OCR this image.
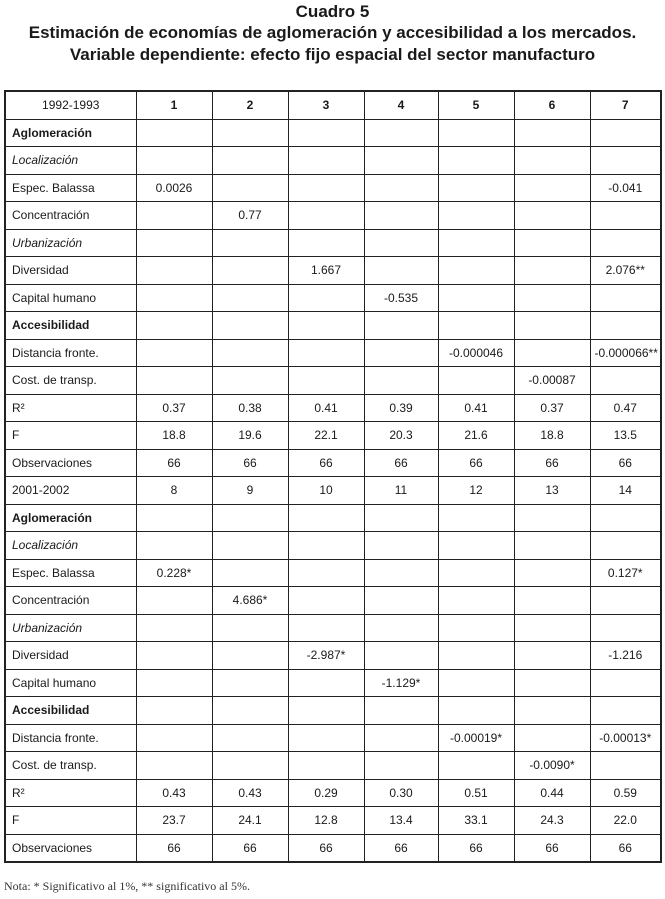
Cuadro 5
Estimación de economías de aglomeración y accesibilidad a los mercados.
Variable dependiente: efecto fijo espacial del sector manufacturo
1992-1993	1	2	3	4	5	6	7
Aglomeración							
Localización							
Espec. Balassa	0.0026						-0.041
Concentración		0.77					
Urbanización							
Diversidad			1.667				2.076**
Capital humano				-0.535			
Accesibilidad							
Distancia fronte.					-0.000046		-0.000066**
Cost. de transp.						-0.00087	
R²	0.37	0.38	0.41	0.39	0.41	0.37	0.47
F	18.8	19.6	22.1	20.3	21.6	18.8	13.5
Observaciones	66	66	66	66	66	66	66
2001-2002	8	9	10	11	12	13	14
Aglomeración							
Localización							
Espec. Balassa	0.228*						0.127*
Concentración		4.686*					
Urbanización							
Diversidad			-2.987*				-1.216
Capital humano				-1.129*			
Accesibilidad							
Distancia fronte.					-0.00019*		-0.00013*
Cost. de transp.						-0.0090*	
R²	0.43	0.43	0.29	0.30	0.51	0.44	0.59
F	23.7	24.1	12.8	13.4	33.1	24.3	22.0
Observaciones	66	66	66	66	66	66	66
Nota: * Significativo al 1%, ** significativo al 5%.
